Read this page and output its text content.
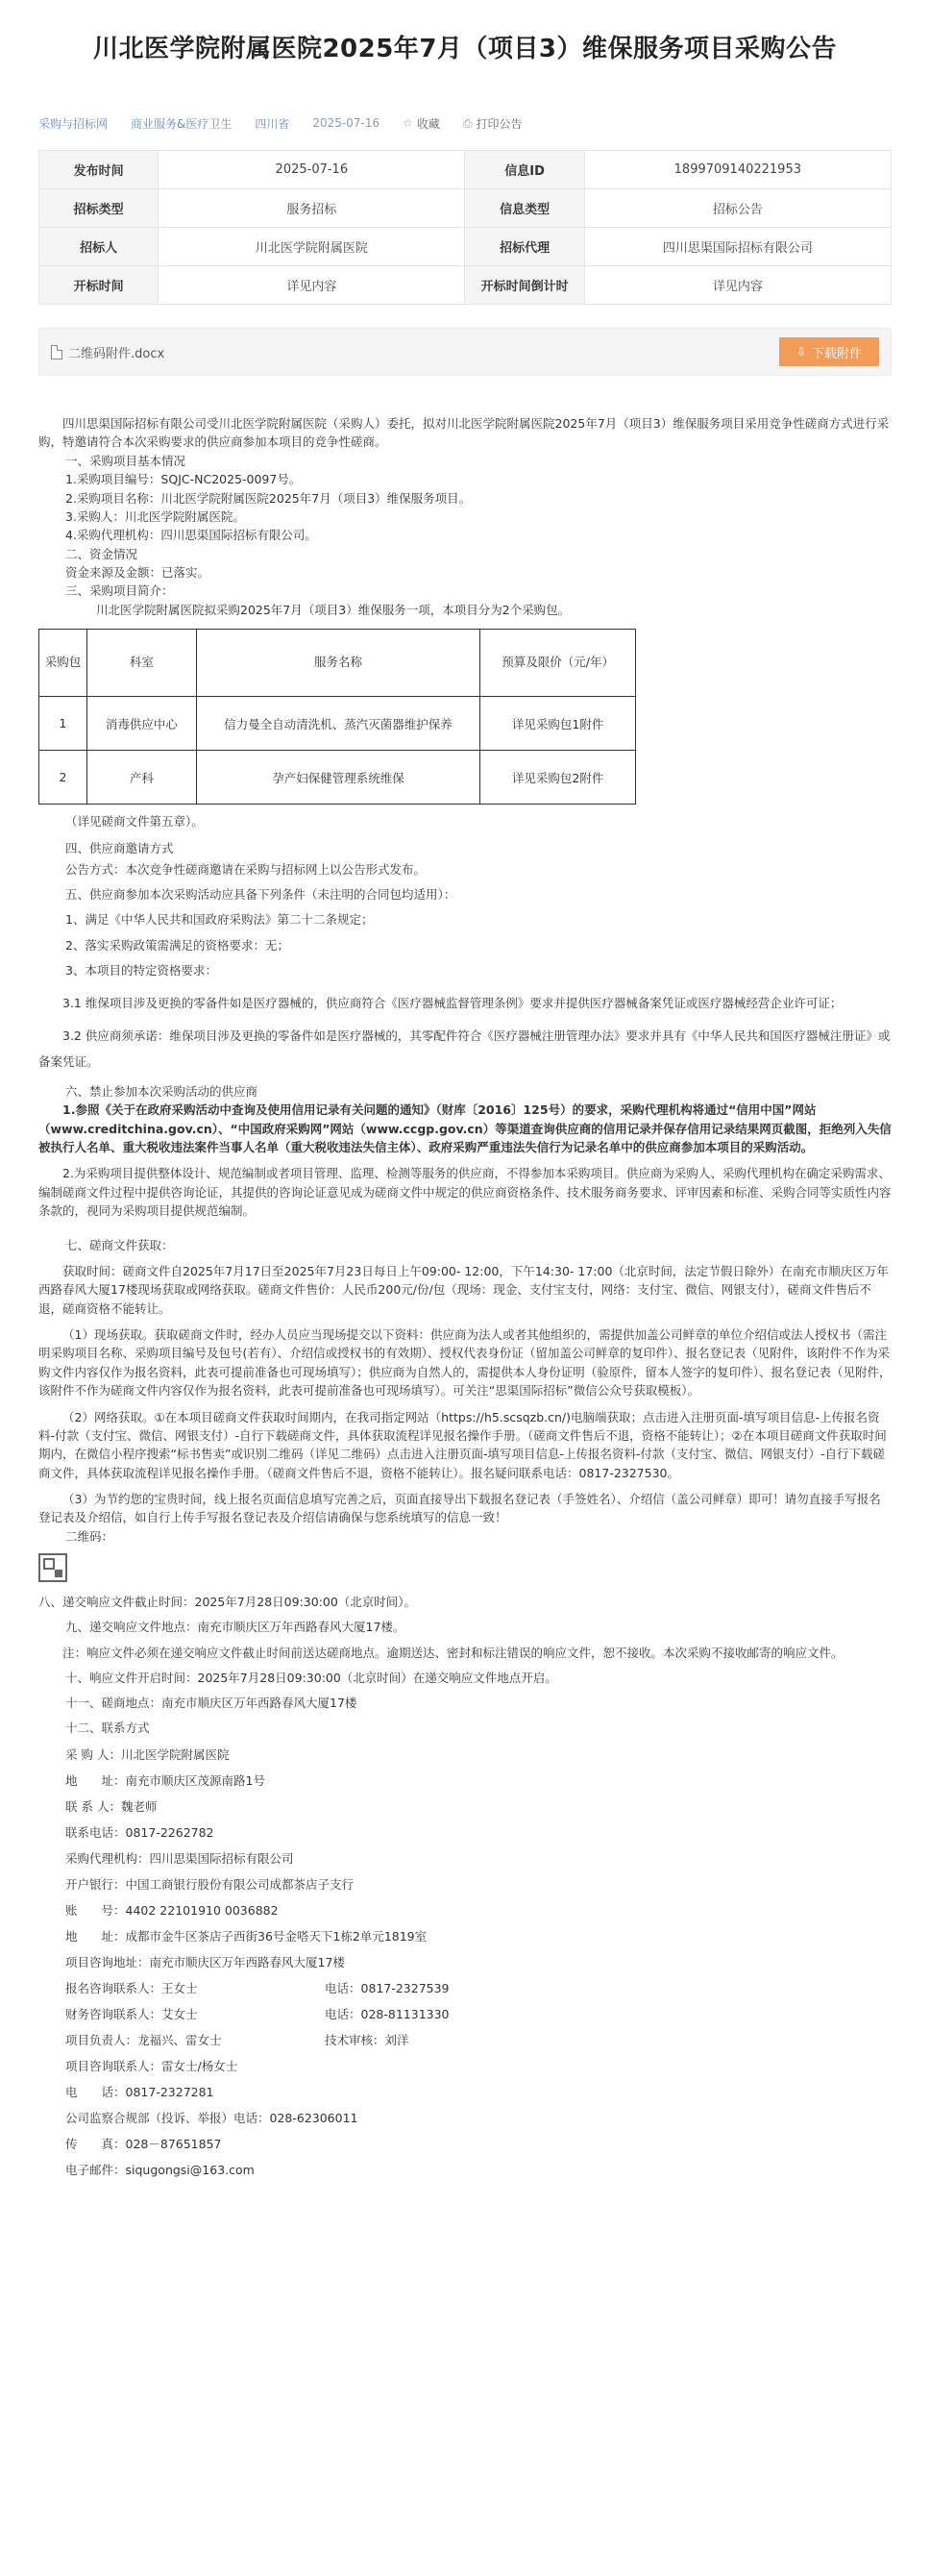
川北医学院附属医院2025年7月（项目3）维保服务项目采购公告
采购与招标网 商业服务&医疗卫生 四川省 2025-07-16 ☆ 收藏 ⎙ 打印公告
发布时间	2025-07-16	信息ID	1899709140221953
招标类型	服务招标	信息类型	招标公告
招标人	川北医学院附属医院	招标代理	四川思渠国际招标有限公司
开标时间	详见内容	开标时间倒计时	详见内容
二维码附件.docx	⇩ 下载附件

四川思渠国际招标有限公司受川北医学院附属医院（采购人）委托，拟对川北医学院附属医院2025年7月（项目3）维保服务项目采用竞争性磋商方式进行采购，特邀请符合本次采购要求的供应商参加本项目的竞争性磋商。

一、采购项目基本情况

1.采购项目编号：SQJC-NC2025-0097号。

2.采购项目名称：川北医学院附属医院2025年7月（项目3）维保服务项目。

3.采购人：川北医学院附属医院。

4.采购代理机构：四川思渠国际招标有限公司。

二、资金情况

资金来源及金额：已落实。

三、采购项目简介：

川北医学院附属医院拟采购2025年7月（项目3）维保服务一项，本项目分为2个采购包。

采购包	科室	服务名称	预算及限价（元/年）
1	消毒供应中心	信力曼全自动清洗机、蒸汽灭菌器维护保养	详见采购包1附件
2	产科	孕产妇保健管理系统维保	详见采购包2附件

（详见磋商文件第五章）。

四、供应商邀请方式

公告方式：本次竞争性磋商邀请在采购与招标网上以公告形式发布。

五、供应商参加本次采购活动应具备下列条件（未注明的合同包均适用）：

1、满足《中华人民共和国政府采购法》第二十二条规定；

2、落实采购政策需满足的资格要求：无；

3、本项目的特定资格要求：

3.1 维保项目涉及更换的零备件如是医疗器械的，供应商符合《医疗器械监督管理条例》要求并提供医疗器械备案凭证或医疗器械经营企业许可证；

3.2 供应商须承诺：维保项目涉及更换的零备件如是医疗器械的，其零配件符合《医疗器械注册管理办法》要求并具有《中华人民共和国医疗器械注册证》或备案凭证。

六、禁止参加本次采购活动的供应商

1.参照《关于在政府采购活动中查询及使用信用记录有关问题的通知》（财库〔2016〕125号）的要求，采购代理机构将通过“信用中国”网站（www.creditchina.gov.cn）、“中国政府采购网”网站（www.ccgp.gov.cn）等渠道查询供应商的信用记录并保存信用记录结果网页截图，拒绝列入失信被执行人名单、重大税收违法案件当事人名单（重大税收违法失信主体）、政府采购严重违法失信行为记录名单中的供应商参加本项目的采购活动。

2.为采购项目提供整体设计、规范编制或者项目管理、监理、检测等服务的供应商，不得参加本采购项目。供应商为采购人、采购代理机构在确定采购需求、编制磋商文件过程中提供咨询论证，其提供的咨询论证意见成为磋商文件中规定的供应商资格条件、技术服务商务要求、评审因素和标准、采购合同等实质性内容条款的，视同为采购项目提供规范编制。

七、磋商文件获取：

获取时间：磋商文件自2025年7月17日至2025年7月23日每日上午09:00- 12:00，下午14:30- 17:00（北京时间，法定节假日除外）在南充市顺庆区万年西路春风大厦17楼现场获取或网络获取。磋商文件售价：人民币200元/份/包（现场：现金、支付宝支付，网络：支付宝、微信、网银支付），磋商文件售后不退，磋商资格不能转让。

（1）现场获取。获取磋商文件时，经办人员应当现场提交以下资料：供应商为法人或者其他组织的，需提供加盖公司鲜章的单位介绍信或法人授权书（需注明采购项目名称、采购项目编号及包号(若有）、介绍信或授权书的有效期）、授权代表身份证（留加盖公司鲜章的复印件）、报名登记表（见附件，该附件不作为采购文件内容仅作为报名资料，此表可提前准备也可现场填写）；供应商为自然人的，需提供本人身份证明（验原件，留本人签字的复印件）、报名登记表（见附件，该附件不作为磋商文件内容仅作为报名资料，此表可提前准备也可现场填写）。可关注“思渠国际招标”微信公众号获取模板）。

（2）网络获取。①在本项目磋商文件获取时间期内，在我司指定网站（https://h5.scsqzb.cn/)电脑端获取；点击进入注册页面-填写项目信息-上传报名资料-付款（支付宝、微信、网银支付）-自行下载磋商文件，具体获取流程详见报名操作手册。（磋商文件售后不退，资格不能转让）；②在本项目磋商文件获取时间期内，在微信小程序搜索“标书售卖”或识别二维码（详见二维码）点击进入注册页面-填写项目信息-上传报名资料-付款（支付宝、微信、网银支付）-自行下载磋商文件，具体获取流程详见报名操作手册。（磋商文件售后不退，资格不能转让）。报名疑问联系电话：0817-2327530。

（3）为节约您的宝贵时间，线上报名页面信息填写完善之后，页面直接导出下载报名登记表（手签姓名）、介绍信（盖公司鲜章）即可！请勿直接手写报名登记表及介绍信，如自行上传手写报名登记表及介绍信请确保与您系统填写的信息一致！

二维码：

八、递交响应文件截止时间：2025年7月28日09:30:00（北京时间）。

九、递交响应文件地点：南充市顺庆区万年西路春风大厦17楼。

注：响应文件必须在递交响应文件截止时间前送达磋商地点。逾期送达、密封和标注错误的响应文件，恕不接收。本次采购不接收邮寄的响应文件。

十、响应文件开启时间：2025年7月28日09:30:00（北京时间）在递交响应文件地点开启。

十一、磋商地点：南充市顺庆区万年西路春风大厦17楼

十二、联系方式

采 购 人： 川北医学院附属医院
地　　址： 南充市顺庆区茂源南路1号
联 系 人： 魏老师
联系电话： 0817-2262782
采购代理机构： 四川思渠国际招标有限公司
开户银行： 中国工商银行股份有限公司成都茶店子支行
账　　号： 4402 22101910 0036882
地　　址： 成都市金牛区茶店子西街36号金嗒天下1栋2单元1819室
项目咨询地址： 南充市顺庆区万年西路春风大厦17楼
报名咨询联系人：王女士	电话： 0817-2327539
财务咨询联系人：艾女士	电话： 028-81131330
项目负责人：龙福兴、雷女士	技术审核： 刘洋
项目咨询联系人： 雷女士/杨女士
电　　话： 0817-2327281
公司监察合规部（投诉、举报）电话：028-62306011
传　　真： 028－87651857
电子邮件： siqugongsi@163.com
